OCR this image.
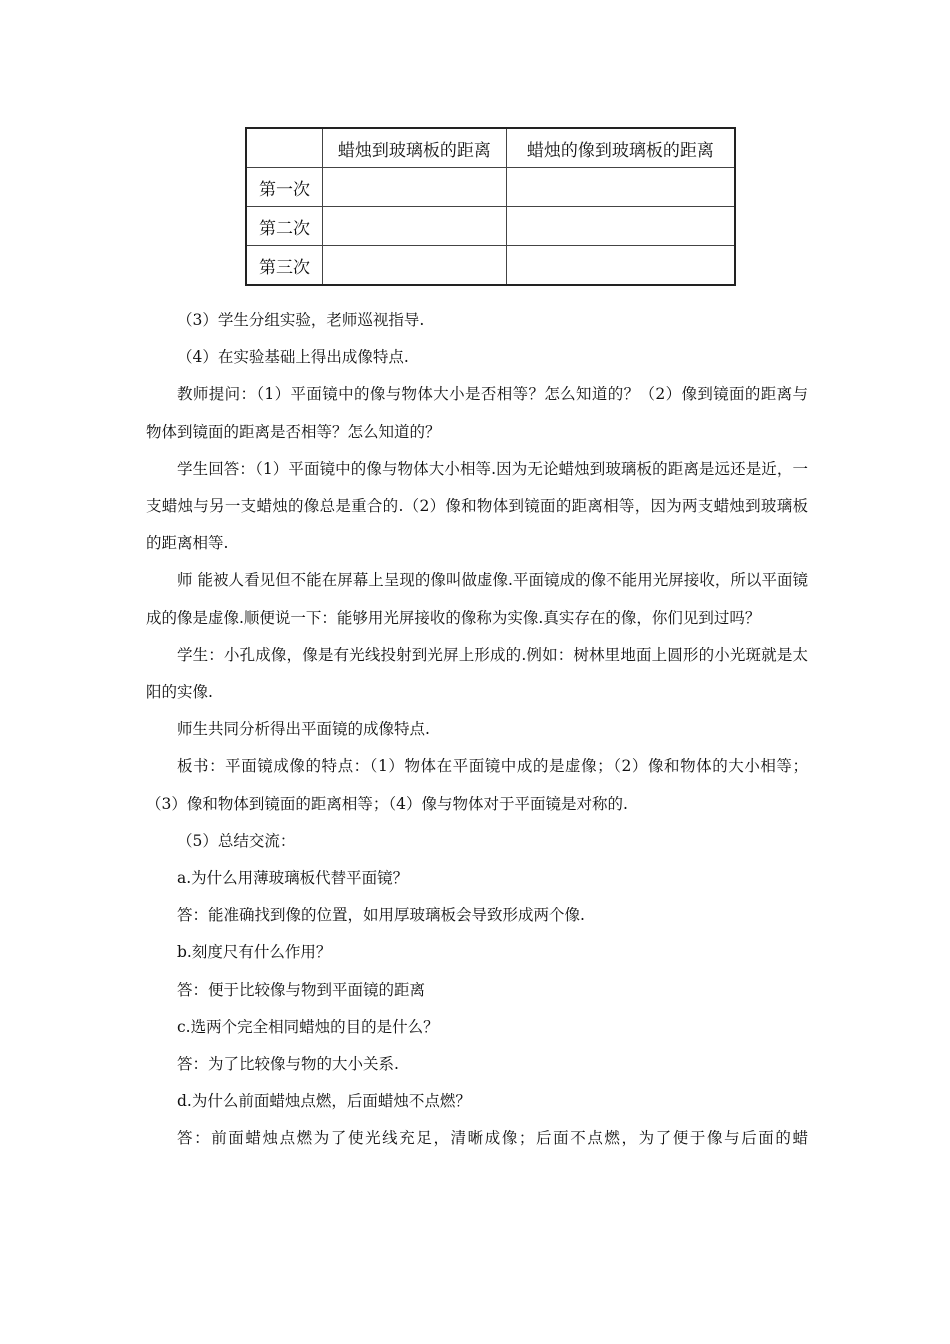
	蜡烛到玻璃板的距离	蜡烛的像到玻璃板的距离
第一次		
第二次		
第三次		

（3）学生分组实验，老师巡视指导.

（4）在实验基础上得出成像特点.

教师提问：（1）平面镜中的像与物体大小是否相等？怎么知道的？（2）像到镜面的距离与物体到镜面的距离是否相等？怎么知道的？

学生回答：（1）平面镜中的像与物体大小相等.因为无论蜡烛到玻璃板的距离是远还是近，一支蜡烛与另一支蜡烛的像总是重合的.（2）像和物体到镜面的距离相等，因为两支蜡烛到玻璃板的距离相等.

师 能被人看见但不能在屏幕上呈现的像叫做虚像.平面镜成的像不能用光屏接收，所以平面镜成的像是虚像.顺便说一下：能够用光屏接收的像称为实像.真实存在的像，你们见到过吗？

学生：小孔成像，像是有光线投射到光屏上形成的.例如：树林里地面上圆形的小光斑就是太阳的实像.

师生共同分析得出平面镜的成像特点.

板书：平面镜成像的特点：（1）物体在平面镜中成的是虚像；（2）像和物体的大小相等；（3）像和物体到镜面的距离相等；（4）像与物体对于平面镜是对称的.

（5）总结交流：

a.为什么用薄玻璃板代替平面镜？

答：能准确找到像的位置，如用厚玻璃板会导致形成两个像.

b.刻度尺有什么作用？

答：便于比较像与物到平面镜的距离

c.选两个完全相同蜡烛的目的是什么？

答：为了比较像与物的大小关系.

d.为什么前面蜡烛点燃，后面蜡烛不点燃？

答：前面蜡烛点燃为了使光线充足，清晰成像；后面不点燃，为了便于像与后面的蜡
